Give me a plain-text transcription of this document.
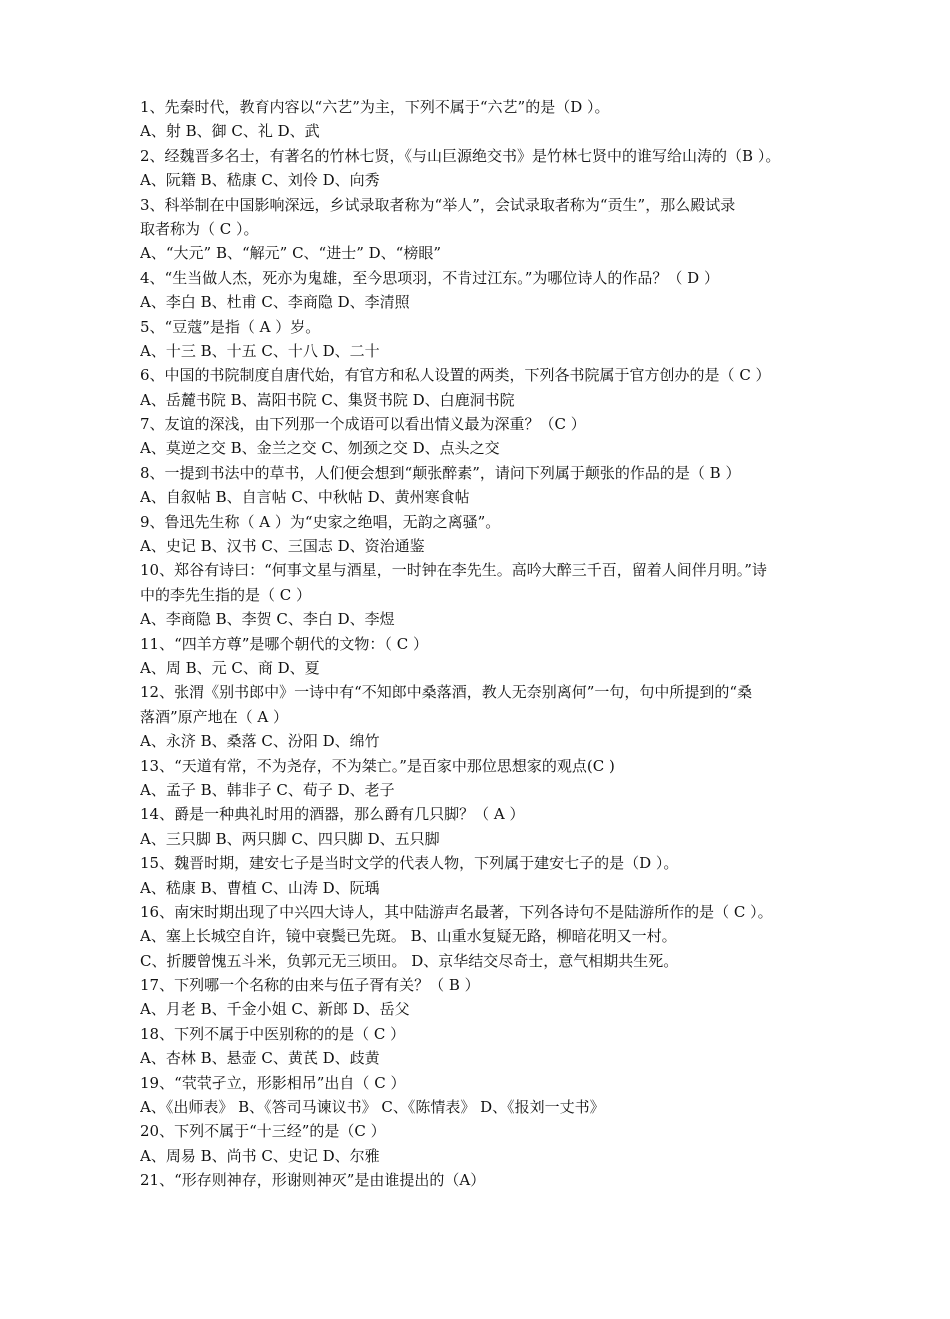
1、先秦时代，教育内容以“六艺”为主，下列不属于“六艺”的是（D ）。
A、射 B、御 C、礼 D、武
2、经魏晋多名士，有著名的竹林七贤，《与山巨源绝交书》是竹林七贤中的谁写给山涛的（B ）。
A、阮籍 B、嵇康 C、刘伶 D、向秀
3、科举制在中国影响深远，乡试录取者称为“举人”，会试录取者称为“贡生”，那么殿试录
取者称为（ C ）。
A、“大元” B、“解元” C、“进士” D、“榜眼”
4、“生当做人杰，死亦为鬼雄，至今思项羽，不肯过江东。”为哪位诗人的作品？（ D ）
A、李白 B、杜甫 C、李商隐 D、李清照
5、“豆蔻”是指（ A ）岁。
A、十三 B、十五 C、十八 D、二十
6、中国的书院制度自唐代始，有官方和私人设置的两类，下列各书院属于官方创办的是（ C ）
A、岳麓书院 B、嵩阳书院 C、集贤书院 D、白鹿洞书院
7、友谊的深浅，由下列那一个成语可以看出情义最为深重？（C ）
A、莫逆之交 B、金兰之交 C、刎颈之交 D、点头之交
8、一提到书法中的草书，人们便会想到“颠张醉素”，请问下列属于颠张的作品的是（ B ）
A、自叙帖 B、自言帖 C、中秋帖 D、黄州寒食帖
9、鲁迅先生称（ A ）为“史家之绝唱，无韵之离骚”。
A、史记 B、汉书 C、三国志 D、资治通鉴
10、郑谷有诗曰：“何事文星与酒星，一时钟在李先生。高吟大醉三千百，留着人间伴月明。”诗
中的李先生指的是（ C ）
A、李商隐 B、李贺 C、李白 D、李煜
11、“四羊方尊”是哪个朝代的文物：（ C ）
A、周 B、元 C、商 D、夏
12、张渭《别书郎中》一诗中有“不知郎中桑落酒，教人无奈别离何”一句，句中所提到的“桑
落酒”原产地在（ A ）
A、永济 B、桑落 C、汾阳 D、绵竹
13、“天道有常，不为尧存，不为桀亡。”是百家中那位思想家的观点(C )
A、孟子 B、韩非子 C、荀子 D、老子
14、爵是一种典礼时用的酒器，那么爵有几只脚？（ A ）
A、三只脚 B、两只脚 C、四只脚 D、五只脚
15、魏晋时期，建安七子是当时文学的代表人物，下列属于建安七子的是（D ）。
A、嵇康 B、曹植 C、山涛 D、阮瑀
16、南宋时期出现了中兴四大诗人，其中陆游声名最著，下列各诗句不是陆游所作的是（ C ）。
A、塞上长城空自许，镜中衰鬓已先斑。 B、山重水复疑无路，柳暗花明又一村。
C、折腰曾愧五斗米，负郭元无三顷田。 D、京华结交尽奇士，意气相期共生死。
17、下列哪一个名称的由来与伍子胥有关？（ B ）
A、月老 B、千金小姐 C、新郎 D、岳父
18、下列不属于中医别称的的是（ C ）
A、杏林 B、悬壶 C、黄芪 D、歧黄
19、“茕茕孑立，形影相吊”出自（ C ）
A、《出师表》 B、《答司马谏议书》 C、《陈情表》 D、《报刘一丈书》
20、下列不属于“十三经”的是（C ）
A、周易 B、尚书 C、史记 D、尔雅
21、“形存则神存，形谢则神灭”是由谁提出的（A）
